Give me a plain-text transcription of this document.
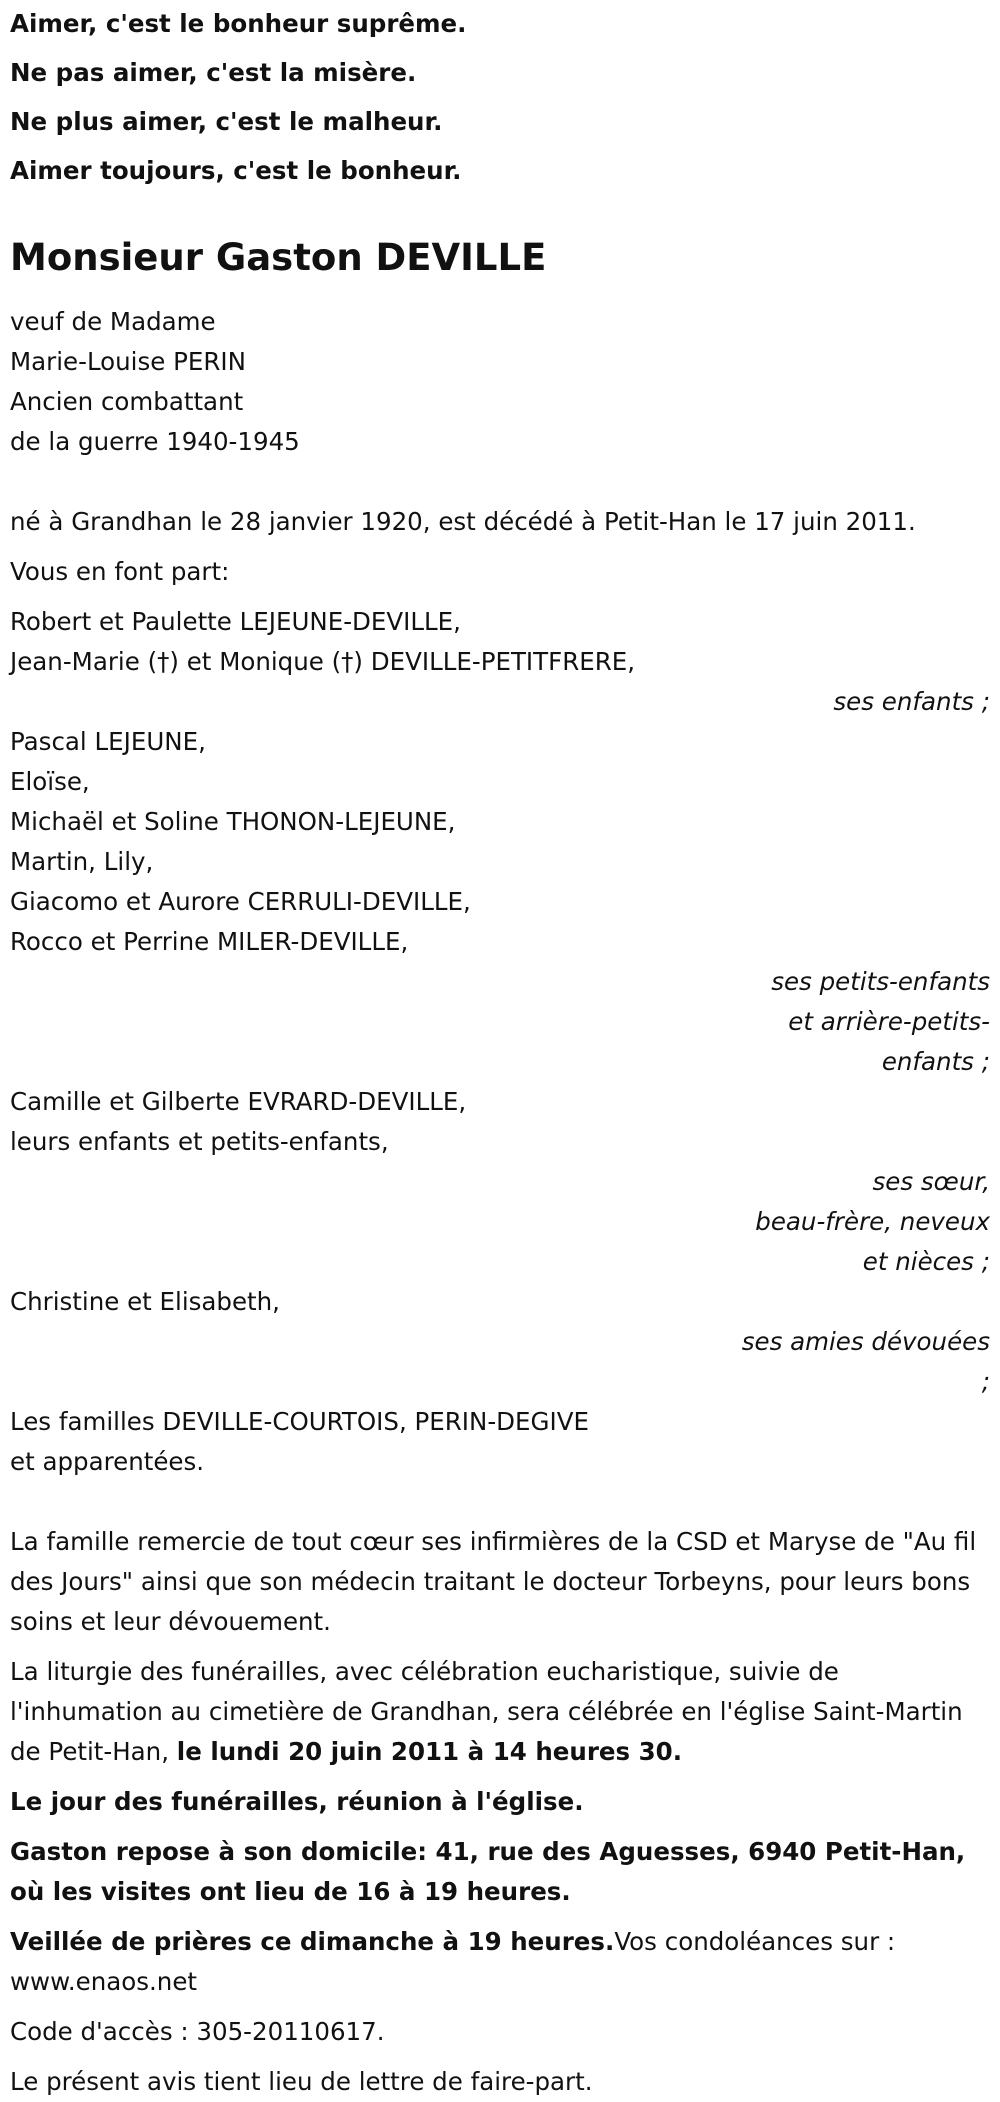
Aimer, c'est le bonheur suprême.
Ne pas aimer, c'est la misère.
Ne plus aimer, c'est le malheur.
Aimer toujours, c'est le bonheur.
Monsieur Gaston DEVILLE
veuf de Madame
Marie-Louise PERIN
Ancien combattant
de la guerre 1940-1945
né à Grandhan le 28 janvier 1920, est décédé à Petit-Han le 17 juin 2011.
Vous en font part:
Robert et Paulette LEJEUNE-DEVILLE,
Jean-Marie (†) et Monique (†) DEVILLE-PETITFRERE,
ses enfants ;
Pascal LEJEUNE,
Eloïse,
Michaël et Soline THONON-LEJEUNE,
Martin, Lily,
Giacomo et Aurore CERRULI-DEVILLE,
Rocco et Perrine MILER-DEVILLE,
ses petits-enfants
et arrière-petits-
enfants ;
Camille et Gilberte EVRARD-DEVILLE,
leurs enfants et petits-enfants,
ses sœur,
beau-frère, neveux
et nièces ;
Christine et Elisabeth,
ses amies dévouées
;
Les familles DEVILLE-COURTOIS, PERIN-DEGIVE
et apparentées.
La famille remercie de tout cœur ses infirmières de la CSD et Maryse de "Au fil des Jours" ainsi que son médecin traitant le docteur Torbeyns, pour leurs bons soins et leur dévouement.
La liturgie des funérailles, avec célébration eucharistique, suivie de l'inhumation au cimetière de Grandhan, sera célébrée en l'église Saint-Martin de Petit-Han, le lundi 20 juin 2011 à 14 heures 30.
Le jour des funérailles, réunion à l'église.
Gaston repose à son domicile: 41, rue des Aguesses, 6940 Petit-Han, où les visites ont lieu de 16 à 19 heures.
Veillée de prières ce dimanche à 19 heures.Vos condoléances sur : www.enaos.net
Code d'accès : 305-20110617.
Le présent avis tient lieu de lettre de faire-part.
